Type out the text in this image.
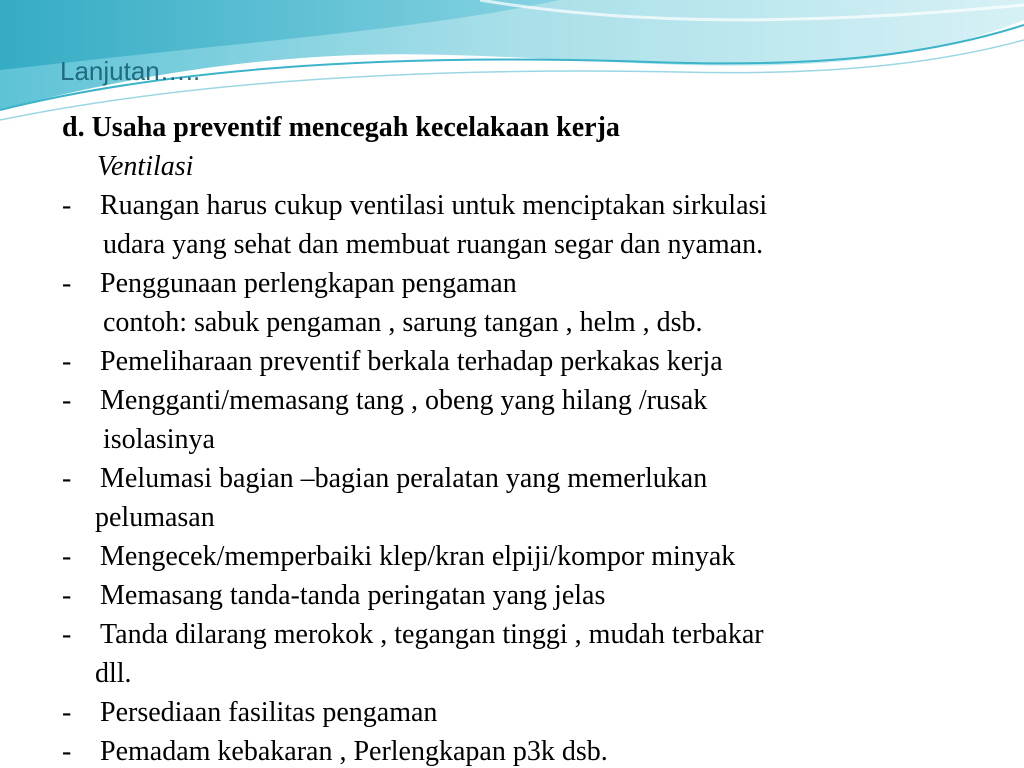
Lanjutan…..
d. Usaha preventif mencegah kecelakaan kerja
Ventilasi
- Ruangan harus cukup ventilasi untuk menciptakan sirkulasi
udara yang sehat dan membuat ruangan segar dan nyaman.
- Penggunaan perlengkapan pengaman
contoh: sabuk pengaman , sarung tangan , helm , dsb.
- Pemeliharaan preventif berkala terhadap perkakas kerja
- Mengganti/memasang tang , obeng yang hilang /rusak
isolasinya
- Melumasi bagian –bagian peralatan yang memerlukan
pelumasan
- Mengecek/memperbaiki klep/kran elpiji/kompor minyak
- Memasang tanda-tanda peringatan yang jelas
- Tanda dilarang merokok , tegangan tinggi , mudah terbakar
dll.
- Persediaan fasilitas pengaman
- Pemadam kebakaran , Perlengkapan p3k dsb.
